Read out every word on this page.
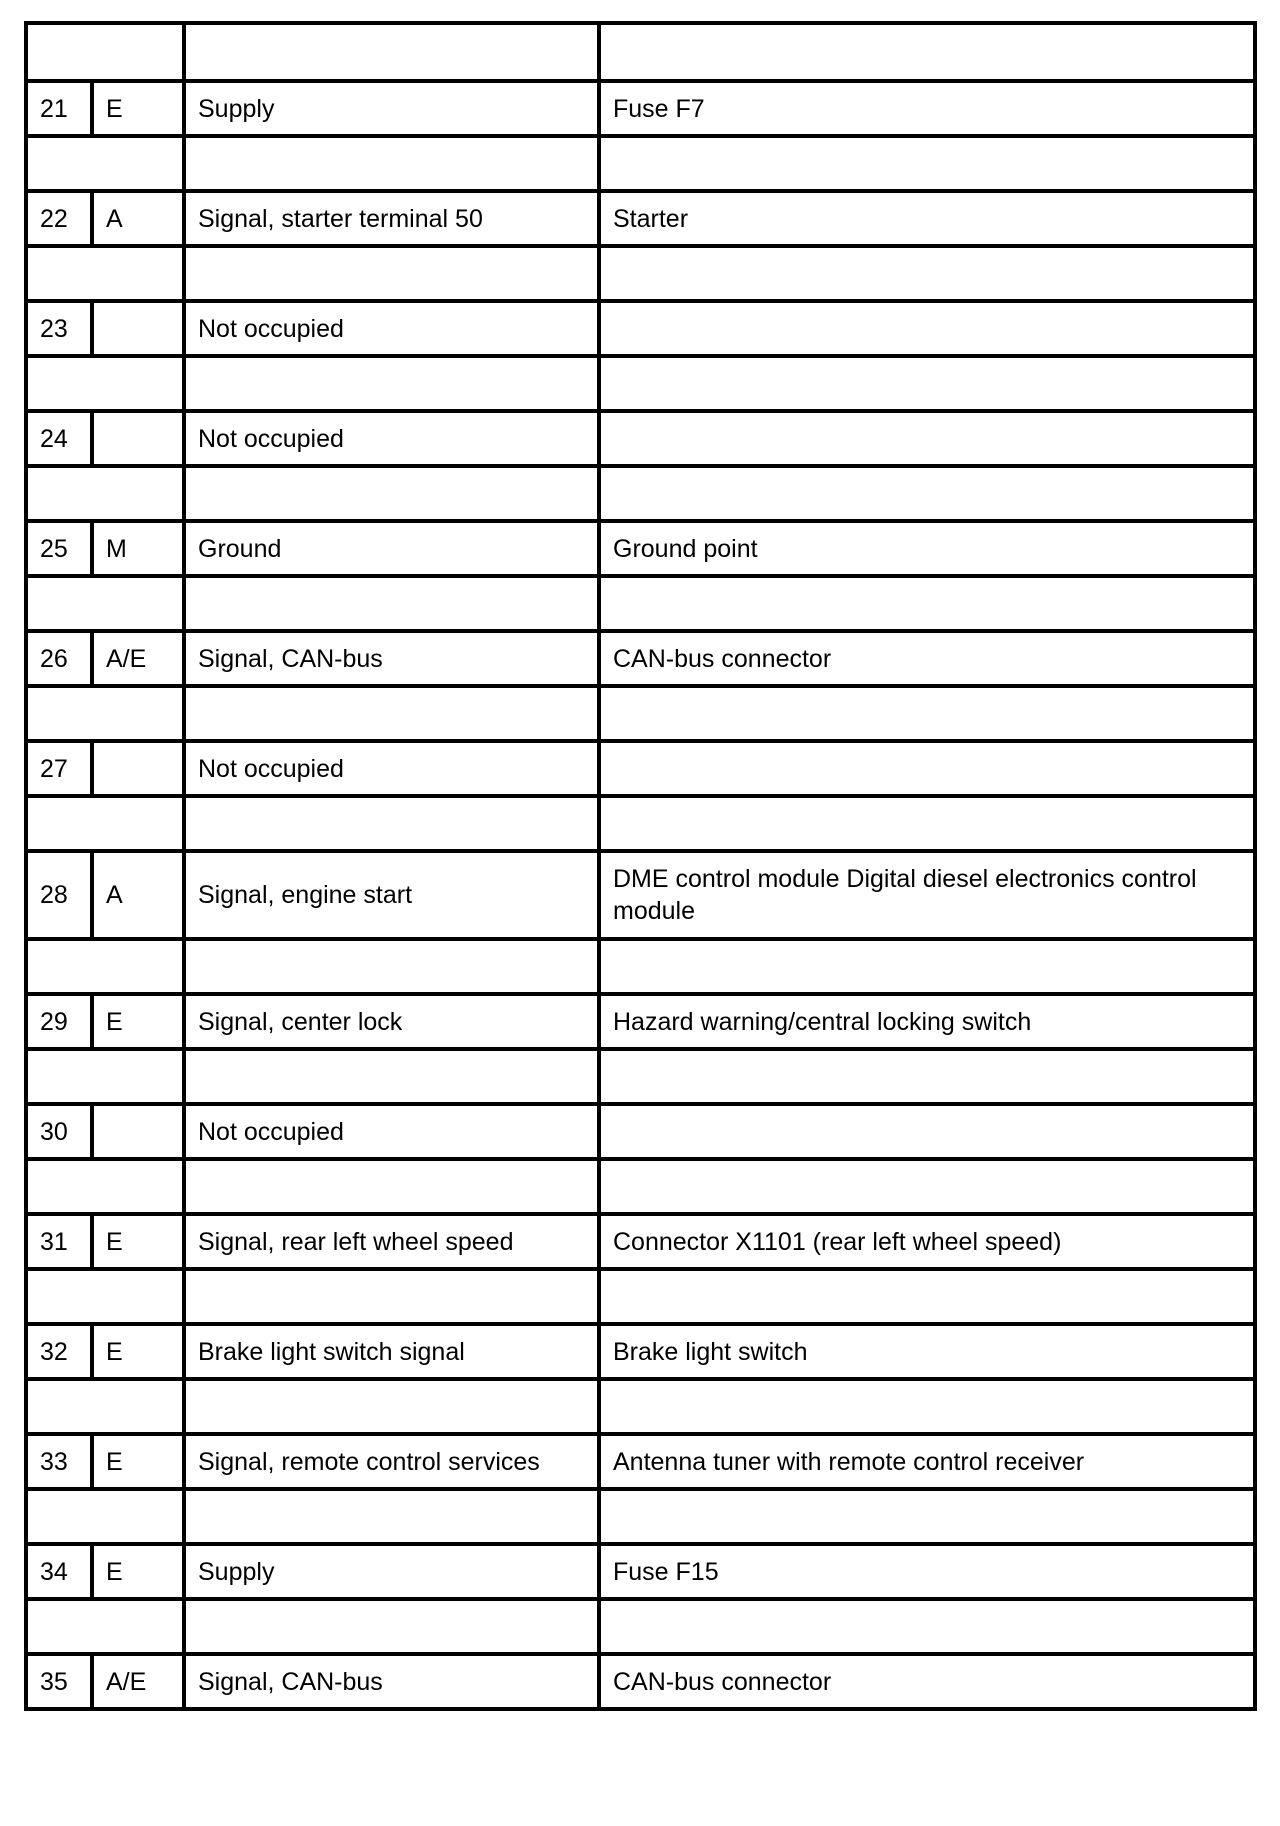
21	E	Supply	Fuse F7

22	A	Signal, starter terminal 50	Starter

23		Not occupied	

24		Not occupied	

25	M	Ground	Ground point

26	A/E	Signal, CAN-bus	CAN-bus connector

27		Not occupied	

28	A	Signal, engine start	DME control module Digital diesel electronics control module

29	E	Signal, center lock	Hazard warning/central locking switch

30		Not occupied	

31	E	Signal, rear left wheel speed	Connector X1101 (rear left wheel speed)

32	E	Brake light switch signal	Brake light switch

33	E	Signal, remote control services	Antenna tuner with remote control receiver

34	E	Supply	Fuse F15

35	A/E	Signal, CAN-bus	CAN-bus connector
